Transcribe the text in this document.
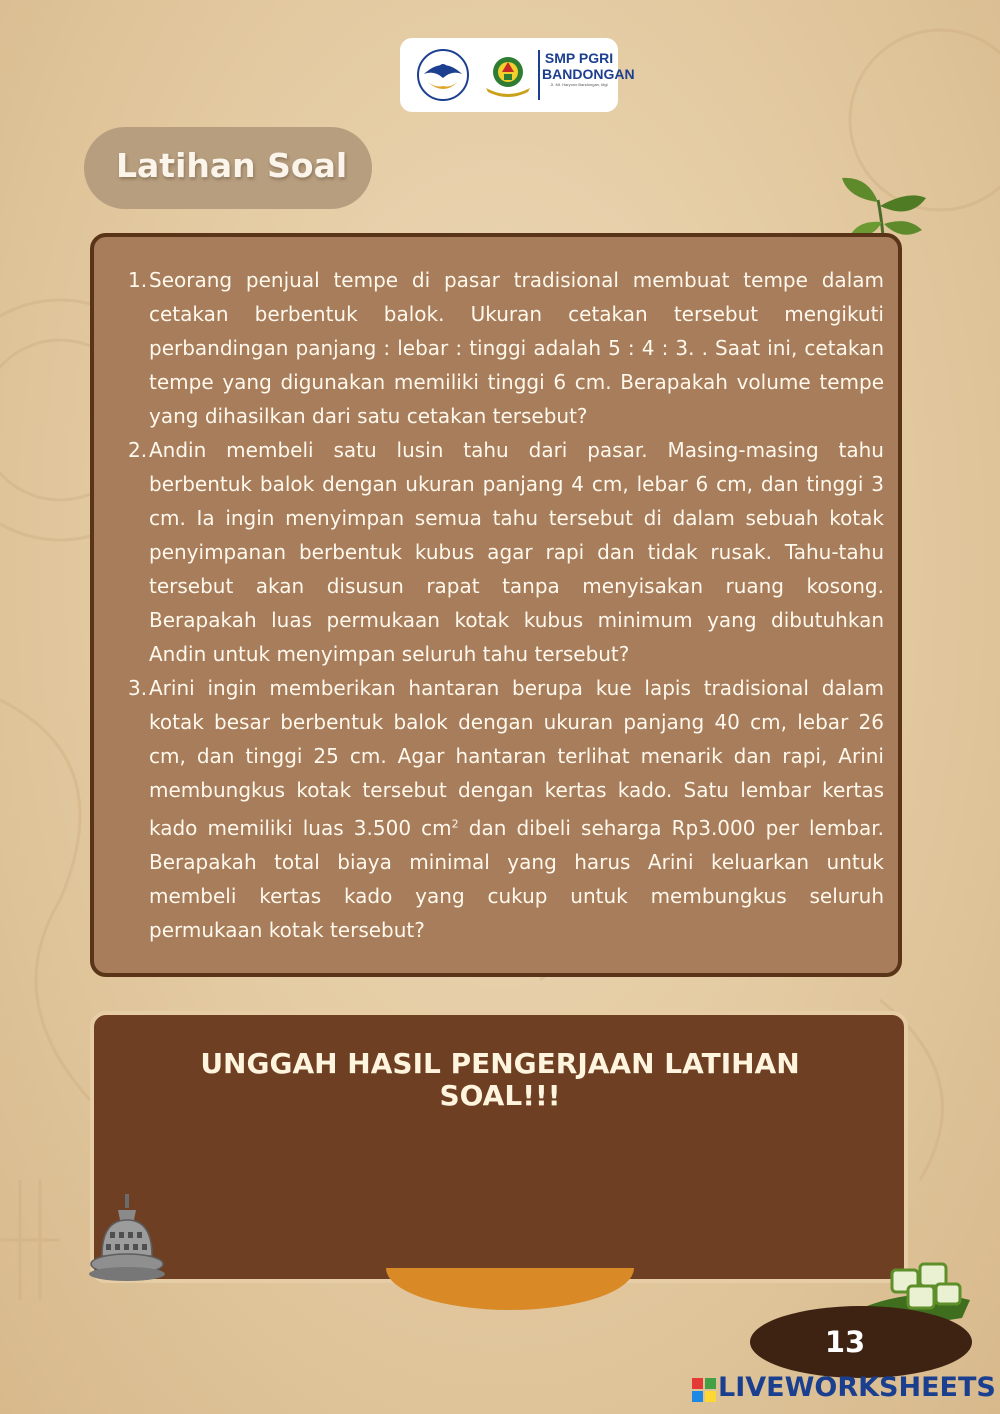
SMP PGRI
BANDONGAN
Jl. Mt. Haryono Bandongan, Mgl
Latihan Soal
1. Seorang penjual tempe di pasar tradisional membuat tempe dalam cetakan berbentuk balok. Ukuran cetakan tersebut mengikuti perbandingan panjang : lebar : tinggi adalah 5 : 4 : 3. . Saat ini, cetakan tempe yang digunakan memiliki tinggi 6 cm. Berapakah volume tempe yang dihasilkan dari satu cetakan tersebut?
2. Andin membeli satu lusin tahu dari pasar. Masing-masing tahu berbentuk balok dengan ukuran panjang 4 cm, lebar 6 cm, dan tinggi 3 cm. Ia ingin menyimpan semua tahu tersebut di dalam sebuah kotak penyimpanan berbentuk kubus agar rapi dan tidak rusak. Tahu-tahu tersebut akan disusun rapat tanpa menyisakan ruang kosong. Berapakah luas permukaan kotak kubus minimum yang dibutuhkan Andin untuk menyimpan seluruh tahu tersebut?
3. Arini ingin memberikan hantaran berupa kue lapis tradisional dalam kotak besar berbentuk balok dengan ukuran panjang 40 cm, lebar 26 cm, dan tinggi 25 cm. Agar hantaran terlihat menarik dan rapi, Arini membungkus kotak tersebut dengan kertas kado. Satu lembar kertas kado memiliki luas 3.500 $cm^2$ dan dibeli seharga Rp3.000 per lembar. Berapakah total biaya minimal yang harus Arini keluarkan untuk membeli kertas kado yang cukup untuk membungkus seluruh permukaan kotak tersebut?
UNGGAH HASIL PENGERJAAN LATIHAN
SOAL!!!
13
LIVEWORKSHEETS
